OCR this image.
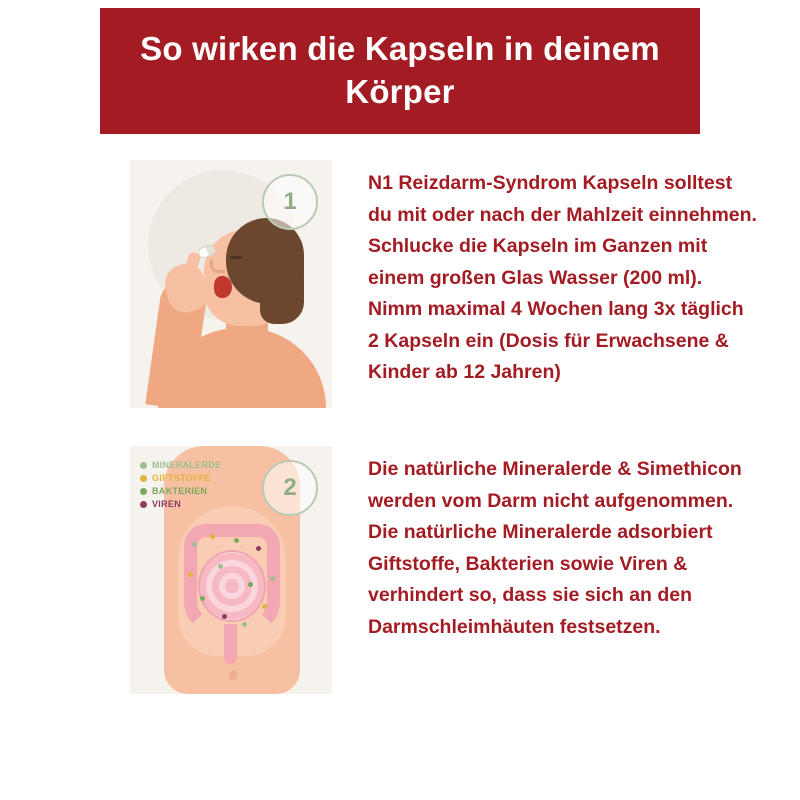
So wirken die Kapseln in deinem Körper
1
N1 Reizdarm-Syndrom Kapseln solltest du mit oder nach der Mahlzeit einnehmen. Schlucke die Kapseln im Ganzen mit einem großen Glas Wasser (200 ml). Nimm maximal 4 Wochen lang 3x täglich 2 Kapseln ein (Dosis für Erwachsene & Kinder ab 12 Jahren)
MINERALERDE
GIFTSTOFFE
BAKTERIEN
VIREN
2
Die natürliche Mineralerde & Simethicon werden vom Darm nicht aufgenommen. Die natürliche Mineralerde adsorbiert Giftstoffe, Bakterien sowie Viren & verhindert so, dass sie sich an den Darmschleimhäuten festsetzen.
